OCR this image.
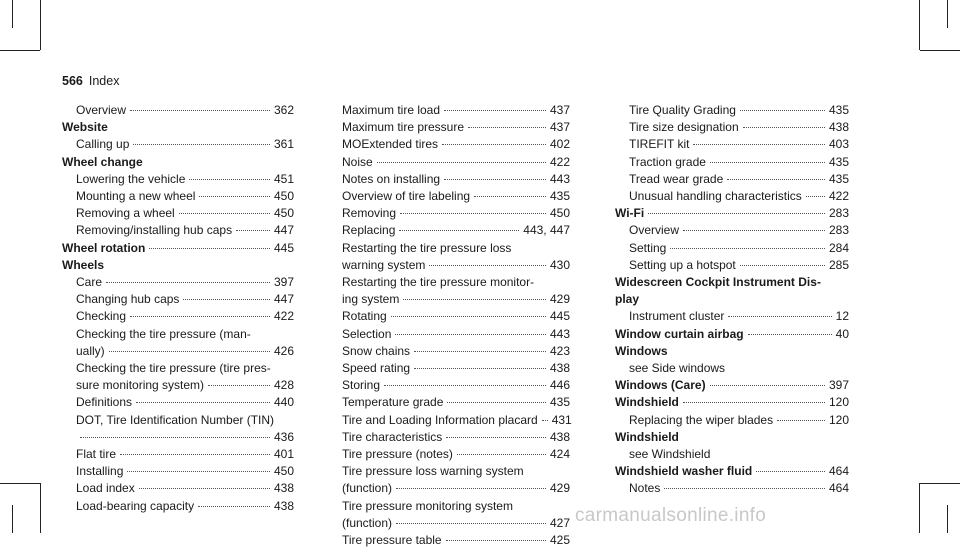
566 Index
Overview	362
Website
Calling up	361
Wheel change
Lowering the vehicle	451
Mounting a new wheel	450
Removing a wheel	450
Removing/installing hub caps	447
Wheel rotation	445
Wheels
Care	397
Changing hub caps	447
Checking	422
Checking the tire pressure (man-
ually)	426
Checking the tire pressure (tire pres-
sure monitoring system)	428
Definitions	440
DOT, Tire Identification Number (TIN)
436
Flat tire	401
Installing	450
Load index	438
Load-bearing capacity	438
Maximum tire load	437
Maximum tire pressure	437
MOExtended tires	402
Noise	422
Notes on installing	443
Overview of tire labeling	435
Removing	450
Replacing	443, 447
Restarting the tire pressure loss
warning system	430
Restarting the tire pressure monitor-
ing system	429
Rotating	445
Selection	443
Snow chains	423
Speed rating	438
Storing	446
Temperature grade	435
Tire and Loading Information placard 431
Tire characteristics	438
Tire pressure (notes)	424
Tire pressure loss warning system
(function)	429
Tire pressure monitoring system
(function)	427
Tire pressure table	425
Tire Quality Grading	435
Tire size designation	438
TIREFIT kit	403
Traction grade	435
Tread wear grade	435
Unusual handling characteristics 422
Wi-Fi	283
Overview	283
Setting	284
Setting up a hotspot	285
Widescreen Cockpit Instrument Dis-
play
Instrument cluster	12
Window curtain airbag	40
Windows
see Side windows
Windows (Care)	397
Windshield	120
Replacing the wiper blades	120
Windshield
see Windshield
Windshield washer fluid	464
Notes	464
carmanualsonline.info
